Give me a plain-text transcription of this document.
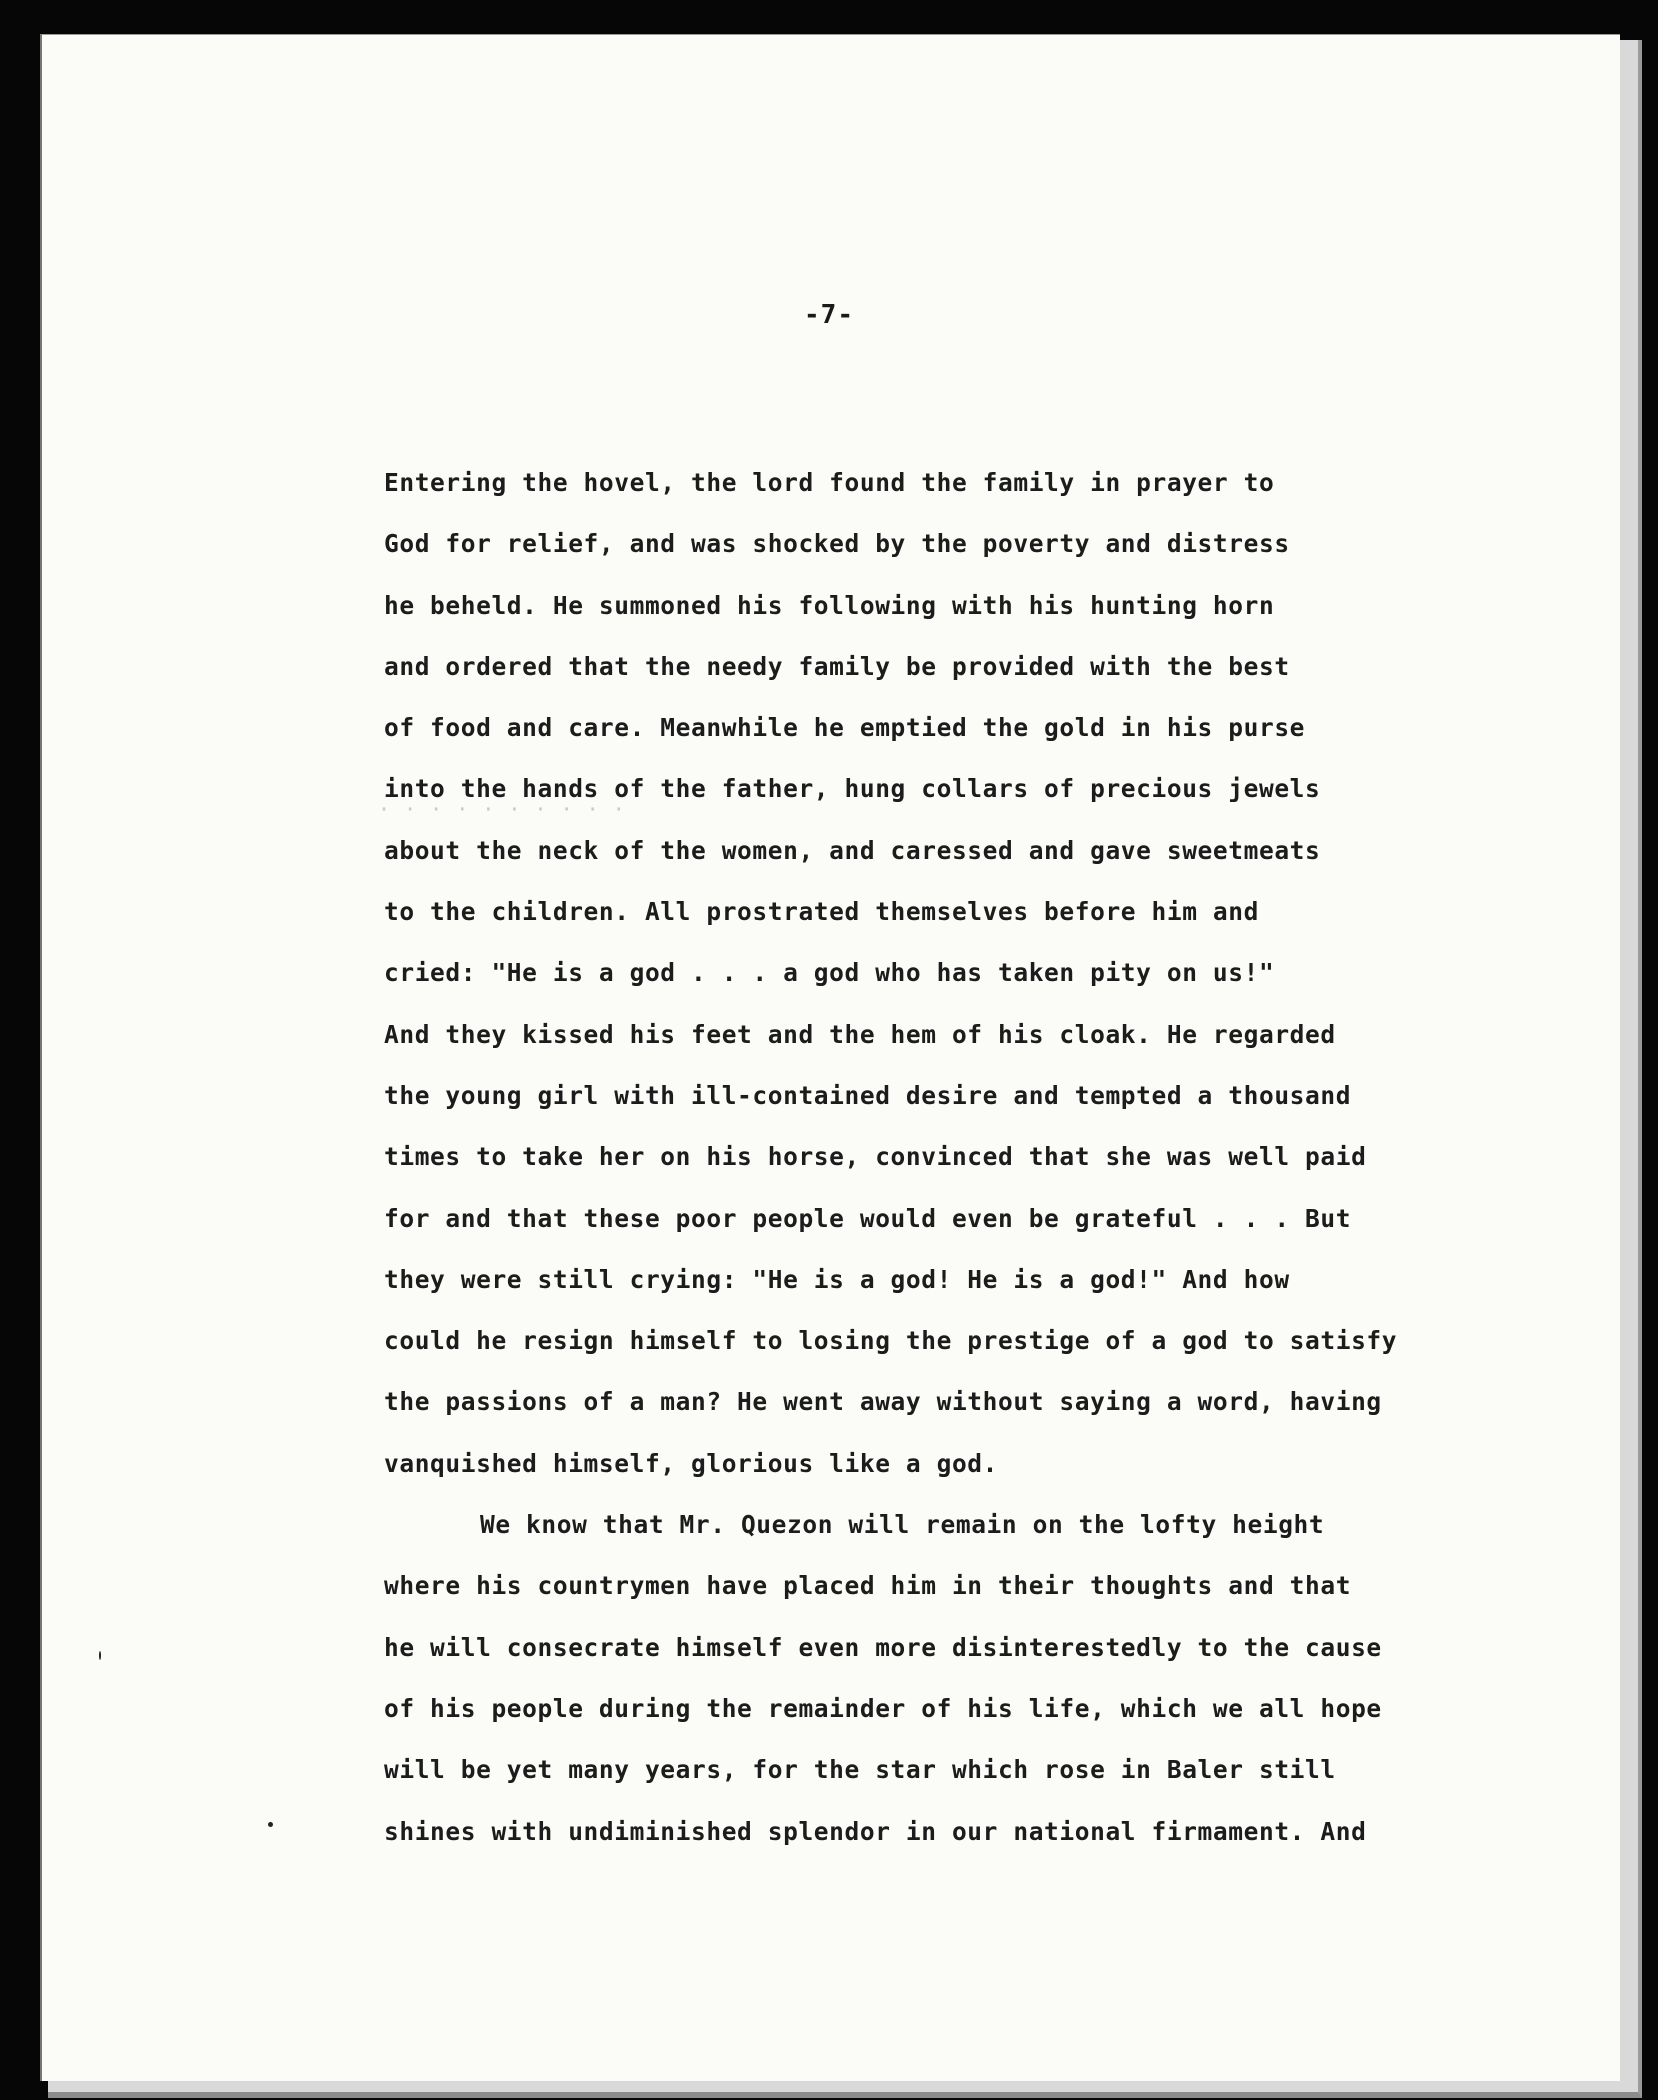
-7-
· · · · · · · · · ·
Entering the hovel, the lord found the family in prayer to
God for relief, and was shocked by the poverty and distress
he beheld. He summoned his following with his hunting horn
and ordered that the needy family be provided with the best
of food and care. Meanwhile he emptied the gold in his purse
into the hands of the father, hung collars of precious jewels
about the neck of the women, and caressed and gave sweetmeats
to the children. All prostrated themselves before him and
cried: "He is a god . . . a god who has taken pity on us!"
And they kissed his feet and the hem of his cloak. He regarded
the young girl with ill-contained desire and tempted a thousand
times to take her on his horse, convinced that she was well paid
for and that these poor people would even be grateful . . . But
they were still crying: "He is a god! He is a god!" And how
could he resign himself to losing the prestige of a god to satisfy
the passions of a man? He went away without saying a word, having
vanquished himself, glorious like a god.
We know that Mr. Quezon will remain on the lofty height
where his countrymen have placed him in their thoughts and that
he will consecrate himself even more disinterestedly to the cause
of his people during the remainder of his life, which we all hope
will be yet many years, for the star which rose in Baler still
shines with undiminished splendor in our national firmament. And
